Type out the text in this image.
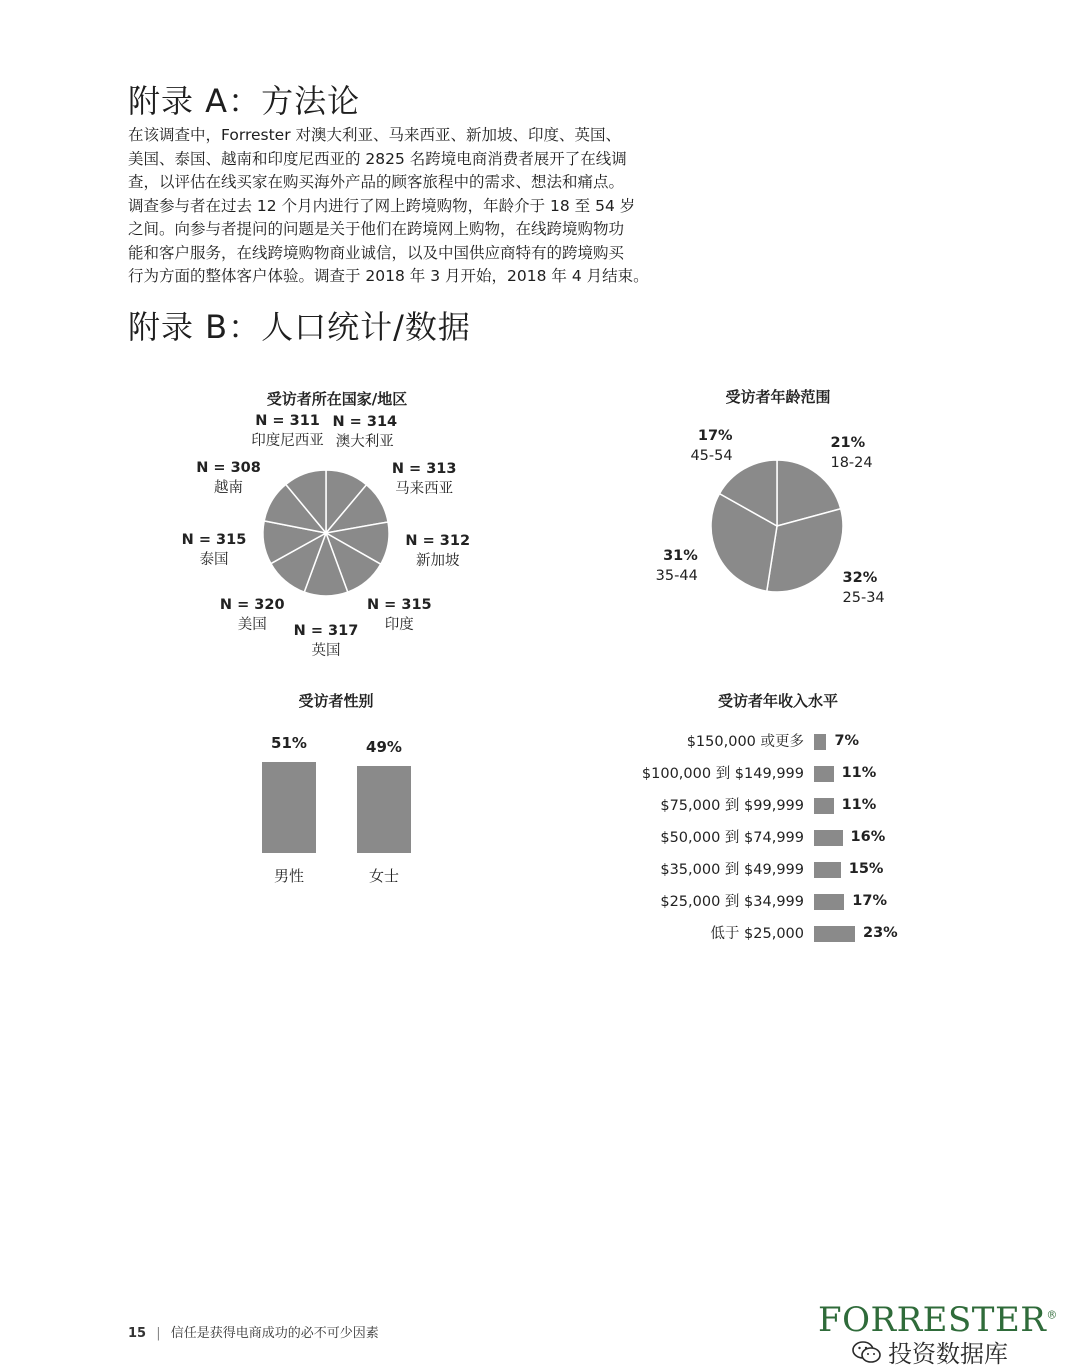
附录 A：方法论

在该调查中，Forrester 对澳大利亚、马来西亚、新加坡、印度、英国、

美国、泰国、越南和印度尼西亚的 2825 名跨境电商消费者展开了在线调

查，以评估在线买家在购买海外产品的顾客旅程中的需求、想法和痛点。

调查参与者在过去 12 个月内进行了网上跨境购物，年龄介于 18 至 54 岁

之间。向参与者提问的问题是关于他们在跨境网上购物，在线跨境购物功

能和客户服务，在线跨境购物商业诚信，以及中国供应商特有的跨境购买

行为方面的整体客户体验。调查于 2018 年 3 月开始，2018 年 4 月结束。

附录 B：人口统计/数据
受访者所在国家/地区
N = 314
澳大利亚
N = 313
马来西亚
N = 312
新加坡
N = 315
印度
N = 317
英国
N = 320
美国
N = 315
泰国
N = 308
越南
N = 311
印度尼西亚
受访者年龄范围
21%
18-24
32%
25-34
31%
35-44
17%
45-54
受访者性别
51%
男性
49%
女士
受访者年收入水平
$150,000 或更多 7%
$100,000 到 $149,999	11%
$75,000 到 $99,999	11%
$50,000 到 $74,999	16%
$35,000 到 $49,999	15%
$25,000 到 $34,999	17%
低于 $25,000	23%
15 | 信任是获得电商成功的必不可少因素	FORRESTER®
投资数据库
